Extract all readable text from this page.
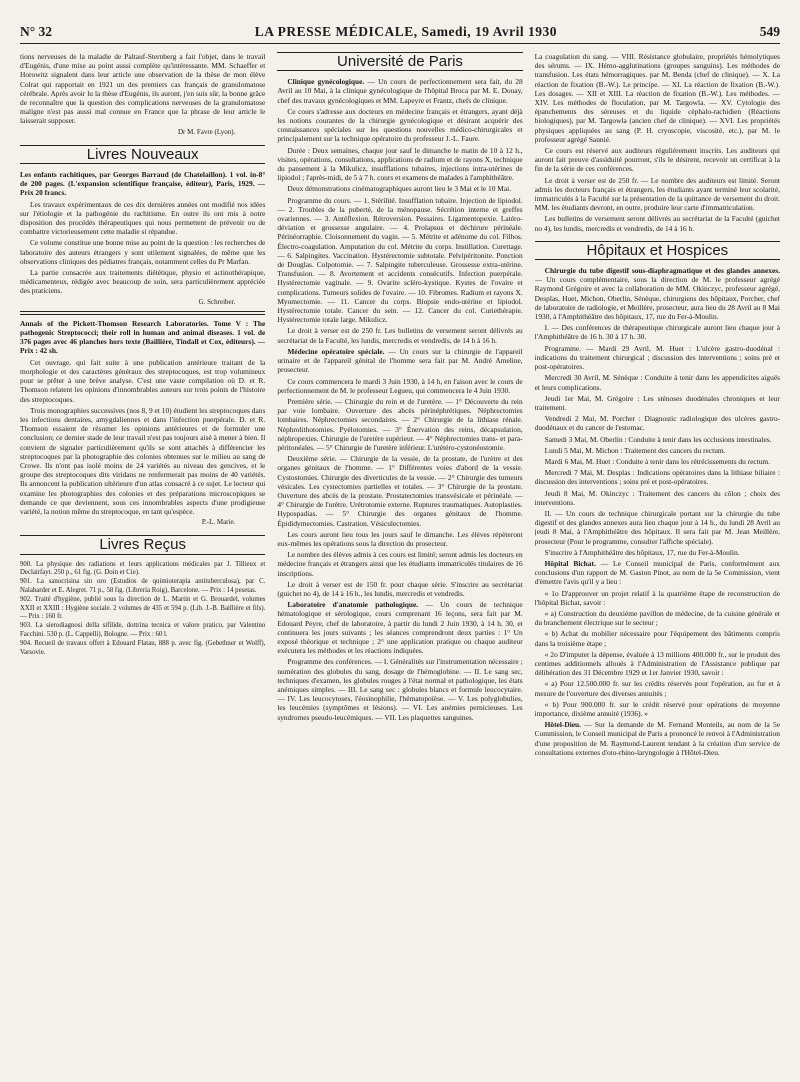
N° 32	LA PRESSE MÉDICALE, Samedi, 19 Avril 1930	549

tions nerveuses de la maladie de Paltauf-Sternberg a fait l'objet, dans le travail d'Eugénis, d'une mise au point aussi complète qu'intéressante. MM. Schaeffer et Horowitz signalent dans leur article une observation de la thèse de mon élève Colrat qui rapportait en 1921 un des premiers cas français de granulomatose cérébrale. Après avoir lu la thèse d'Eugénis, ils auront, j'en suis sûr, la bonne grâce de reconnaître que la question des complications nerveuses de la granulomatose maligne n'est pas aussi mal connue en France que la phrase de leur article le laisserait supposer.

Dr M. Favre (Lyon).
Livres Nouveaux

Les enfants rachitiques, par Georges Barraud (de Chatelaillon). 1 vol. in-8° de 200 pages. (L'expansion scientifique française, éditeur), Paris, 1929. — Prix 20 francs.

Les travaux expérimentaux de ces dix dernières années ont modifié nos idées sur l'étiologie et la pathogénie du rachitisme. En outre ils ont mis à notre disposition des procédés thérapeutiques qui nous permettent de prévenir ou de combattre victorieusement cette maladie si répandue.

Ce volume constitue une bonne mise au point de la question : les recherches de laboratoire des auteurs étrangers y sont utilement signalées, de même que les observations cliniques des pédiatres français, notamment celles du Pr Marfan.

La partie consacrée aux traitements diététique, physio et actinothérapique, médicamenteux, rédigée avec beaucoup de soin, sera particulièrement appréciée des praticiens.

G. Schreiber.

Annals of the Pickett-Thomson Research Laboratories. Tome V : The pathogenic Streptococci; their roll in human and animal diseases. 1 vol. de 376 pages avec 46 planches hors texte (Baillière, Tindall et Cox, éditeurs). — Prix : 42 sh.

Cet ouvrage, qui fait suite à une publication antérieure traitant de la morphologie et des caractères généraux des streptocoques, est trop volumineux pour se prêter à une brève analyse. C'est une vaste compilation où D. et R. Thomson relatent les opinions d'innombrables auteurs sur trois points de l'histoire des streptocoques.

Trois monographies successives (nos 8, 9 et 10) étudient les streptocoques dans les infections dentaires, amygdaliennes et dans l'infection puerpérale. D. et R. Thomson essaient de résumer les opinions antérieures et de formuler une conclusion; ce dernier stade de leur travail n'est pas toujours aisé à mener à bien. Il convient de signaler particulièrement qu'ils se sont attachés à différencier les streptocoques par la photographie des colonies obtenues sur le milieu au sang de Crowe. Ils n'ont pas isolé moins de 24 variétés au niveau des gencives, et le groupe des streptocoques dits viridans ne renfermerait pas moins de 40 variétés. Ils annoncent la publication ultérieure d'un atlas consacré à ce sujet. Le lecteur qui examine les photographies des colonies et des préparations microscopiques se demande ce que deviennent, sous ces innombrables aspects d'une prodigieuse variété, la notion même du streptocoque, en tant qu'espèce.

P.-L. Marie.
Livres Reçus

900. La physique des radiations et leurs applications médicales par J. Tillieux et Declairfayt. 250 p., 61 fig. (G. Doin et Cie).

901. La sanocrisina sin oro (Estudios de quimioterapia antituberculosa), par C. Nalabarder et E. Alegret. 71 p., 58 fig. (Librería Roig), Barcelone. — Prix : 14 pesetas.

902. Traité d'hygiène, publié sous la direction de L. Martin et G. Brouardel, volumes XXII et XXIII : Hygiène sociale. 2 volumes de 435 et 594 p. (Lib. J.-B. Baillière et fils). — Prix : 160 fr.

903. La sierodiagnosi della sifilide, dottrina tecnica et valore pratico, par Valentino Facchini. 530 p. (L. Cappelli), Bologne. — Prix : 60 l.

904. Recueil de travaux offert à Edouard Flatau, 888 p. avec fig. (Gebethner et Wolff), Varsovie.

Université de Paris

Clinique gynécologique. — Un cours de perfectionnement sera fait, du 28 Avril au 10 Mai, à la clinique gynécologique de l'hôpital Broca par M. E. Douay, chef des travaux gynécologiques et MM. Lapeyre et Frantz, chefs de clinique.

Ce cours s'adresse aux docteurs en médecine français et étrangers, ayant déjà les notions courantes de la chirurgie gynécologique et désirant acquérir des connaissances spéciales sur les questions nouvelles médico-chirurgicales et principalement sur la technique opératoire du professeur J.-L. Faure.

Durée : Deux semaines, chaque jour sauf le dimanche le matin de 10 à 12 h., visites, opérations, consultations, applications de radium et de rayons X, technique du pansement à la Mikulicz, insufflations tubaires, injections intra-utérines de lipiodol ; l'après-midi, de 5 à 7 h. cours et examens de malades à l'amphithéâtre.

Deux démonstrations cinématographiques auront lieu le 3 Mai et le 10 Mai.

Programme du cours. — 1. Stérilité. Insufflation tubaire. Injection de lipiodol. — 2. Troubles de la puberté, de la ménopause. Sécrétion interne et greffes ovariennes. — 3. Antéflexion. Rétroversion. Pessaires. Ligamentopexie. Latéro-déviation et grossesse angulaire. — 4. Prolapsus et déchirure périnéale. Périnéorraphie. Cloisonnement du vagin. — 5. Métrite et adénome du col. Filhos. Électro-coagulation. Amputation du col. Métrite du corps. Instillation. Curettage. — 6. Salpingites. Vaccination. Hystérectomie subtotale. Pelvipéritonite. Ponction de Douglas. Colpotomie. — 7. Salpingite tuberculeuse. Grossesse extra-utérine. Transfusion. — 8. Avortement et accidents consécutifs. Infection puerpérale. Hystérectomie vaginale. — 9. Ovarite scléro-kystique. Kystes de l'ovaire et complications. Tumeurs solides de l'ovaire. — 10. Fibromes. Radium et rayons X. Myomectomie. — 11. Cancer du corps. Biopsie endo-utérine et lipiodol. Hystérectomie totale. Cancer du sein. — 12. Cancer du col. Curiethérapie. Hystérectomie totale large. Mikulicz.

Le droit à verser est de 250 fr. Les bulletins de versement seront délivrés au secrétariat de la Faculté, les lundis, mercredis et vendredis, de 14 h à 16 h.

Médecine opératoire spéciale. — Un cours sur la chirurgie de l'appareil urinaire et de l'appareil génital de l'homme sera fait par M. André Ameline, prosecteur.

Ce cours commencera le mardi 3 Juin 1930, à 14 h, en l'aison avec le cours de perfectionnement de M. le professeur Legueu, qui commencera le 4 Juin 1930.

Première série. — Chirurgie du rein et de l'uretère. — 1° Découverte du rein par voie lombaire. Ouverture des abcès périnéphrétiques. Néphrectomies lombaires. Néphrectomies secondaires. — 2° Chirurgie de la lithiase rénale. Néphrolithotomies. Pyélotomies. — 3° Énervation des reins, décapsulation, néphropexies. Chirurgie de l'uretère supérieur. — 4° Néphrectomies trans- et para-péritonéales. — 5° Chirurgie de l'uretère inférieur. L'urétéro-cystonéostomie.

Deuxième série. — Chirurgie de la vessie, de la prostate, de l'urètre et des organes génitaux de l'homme. — 1° Différentes voies d'abord de la vessie. Cystostomies. Chirurgie des diverticules de la vessie. — 2° Chirurgie des tumeurs vésicales. Les cystectomies partielles et totales. — 3° Chirurgie de la prostate. Ouverture des abcès de la prostate. Prostatectomies transvésicale et périnéale. — 4° Chirurgie de l'urètre. Urétrotomie externe. Ruptures traumatiques. Autoplasties. Hypospadias. — 5° Chirurgie des organes génitaux de l'homme. Épididymectomies. Castration. Vésiculectomies.

Les cours auront lieu tous les jours sauf le dimanche. Les élèves répèteront eux-mêmes les opérations sous la direction du prosecteur.

Le nombre des élèves admis à ces cours est limité; seront admis les docteurs en médecine français et étrangers ainsi que les étudiants immatriculés titulaires de 16 inscriptions.

Le droit à verser est de 150 fr. pour chaque série. S'inscrire au secrétariat (guichet no 4), de 14 à 16 h., les lundis, mercredis et vendredis.

Laboratoire d'anatomie pathologique. — Un cours de technique hématologique et sérologique, cours comprenant 16 leçons, sera fait par M. Edouard Peyre, chef de laboratoire, à partir du lundi 2 Juin 1930, à 14 h. 30, et continuera les jours suivants ; les séances comprendront deux parties : 1° Un exposé théorique et technique ; 2° une application pratique ou chaque auditeur exécutera les méthodes et les réactions indiquées.

Programme des conférences. — I. Généralités sur l'instrumentation nécessaire ; numération des globules du sang, dosage de l'hémoglobine. — II. Le sang sec, techniques d'examen, les globules rouges à l'état normal et pathologique, les états anémiques simples. — III. Le sang sec : globules blancs et formule leucocytaire. — IV. Les leucocytoses, l'éosinophilie, l'hématopoïèse. — V. Les polyglobulies, les leucémies (symptômes et lésions). — VI. Les anémies pernicieuses. Les syndromes pseudo-leucémiques. — VII. Les plaquettes sanguines.

La coagulation du sang. — VIII. Résistance globulaire, propriétés hémolytiques des sérums. — IX. Hémo-agglutinations (groupes sanguins). Les méthodes de transfusion. Les états hémorragiques. par M. Benda (chef de clinique). — X. La réaction de fixation (B.-W.). Le principe. — XI. La réaction de fixation (B.-W.). Les dosages. — XII et XIII. La réaction de fixation (B.-W.). Les méthodes. — XIV. Les méthodes de floculation, par M. Targowla. — XV. Cytologie des épanchements des séreuses et du liquide céphalo-rachidien (Réactions biologiques), par M. Targowla (ancien chef de clinique). — XVI. Les propriétés physiques appliquées au sang (P. H. cryoscopie, viscosité, etc.), par M. le professeur agrégé Sannié.

Ce cours est réservé aux auditeurs régulièrement inscrits. Les auditeurs qui auront fait preuve d'assiduité pourront, s'ils le désirent, recevoir un certificat à la fin de la série de ces conférences.

Le droit à verser est de 250 fr. — Le nombre des auditeurs est limité. Seront admis les docteurs français et étrangers, les étudiants ayant terminé leur scolarité, immatriculés à la Faculté sur la présentation de la quittance de versement du droit. MM. les étudiants devront, en outre, produire leur carte d'immatriculation.

Les bulletins de versement seront délivrés au secrétariat de la Faculté (guichet no 4), les lundis, mercredis et vendredis, de 14 à 16 h.

Hôpitaux et Hospices

Chirurgie du tube digestif sous-diaphragmatique et des glandes annexes. — Un cours complémentaire, sous la direction de M. le professeur agrégé Raymond Grégoire et avec la collaboration de MM. Okinczyc, professeur agrégé, Desplas, Huet, Michon, Oberlin, Sénèque, chirurgiens des hôpitaux, Porcher, chef de laboratoire de radiologie, et Meillère, prosecteur, aura lieu du 28 Avril au 8 Mai 1930, à l'Amphithéâtre des hôpitaux, 17, rue du Fer-à-Moulin.

I. — Des conférences de thérapeutique chirurgicale auront lieu chaque jour à l'Amphithéâtre de 16 h. 30 à 17 h. 30.

Programme. — Mardi 29 Avril, M. Huet : L'ulcère gastro-duodénal : indications du traitement chirurgical ; discussion des interventions ; soins pré et post-opératoires.

Mercredi 30 Avril, M. Sénèque : Conduite à tenir dans les appendicites aiguës et leurs complications.

Jeudi 1er Mai, M. Grégoire : Les sténoses duodénales chroniques et leur traitement.

Vendredi 2 Mai, M. Porcher : Diagnostic radiologique des ulcères gastro-duodénaux et du cancer de l'estomac.

Samedi 3 Mai, M. Oberlin : Conduite à tenir dans les occlusions intestinales.

Lundi 5 Mai, M. Michon : Traitement des cancers du rectum.

Mardi 6 Mai, M. Huet : Conduite à tenir dans les rétrécissements du rectum.

Mercredi 7 Mai, M. Desplas : Indications opératoires dans la lithiase biliaire : discussion des interventions ; soins pré et post-opératoires.

Jeudi 8 Mai, M. Okinczyc : Traitement des cancers du côlon ; choix des interventions.

II. — Un cours de technique chirurgicale portant sur la chirurgie du tube digestif et des glandes annexes aura lieu chaque jour à 14 h., du lundi 28 Avril au jeudi 8 Mai, à l'Amphithéâtre des hôpitaux. Il sera fait par M. Jean Meillère, prosecteur (Pour le programme, consulter l'affiche spéciale).

S'inscrire à l'Amphithéâtre des hôpitaux, 17, rue du Fer-à-Moulin.

Hôpital Bichat. — Le Conseil municipal de Paris, conformément aux conclusions d'un rapport de M. Gaston Pinot, au nom de la 5e Commission, vient d'émettre l'avis qu'il y a lieu :

« 1o D'approuver un projet relatif à la quatrième étape de reconstruction de l'hôpital Bichat, savoir :

« a) Construction du deuxième pavillon de médecine, de la cuisine générale et du branchement électrique sur le secteur ;

« b) Achat du mobilier nécessaire pour l'équipement des bâtiments compris dans la troisième étape ;

« 2o D'imputer la dépense, évaluée à 13 millions 400.000 fr., sur le produit des centimes additionnels alloués à l'Administration de l'Assistance publique par délibération des 31 Décembre 1929 et 1er Janvier 1930, savoir :

« a) Pour 12.500.000 fr. sur les crédits réservés pour l'opération, au fur et à mesure de l'ouverture des diverses annuités ;

« b) Pour 900.000 fr. sur le crédit réservé pour opérations de moyenne importance, dixième annuité (1936). »

Hôtel-Dieu. — Sur la demande de M. Fernand Monteils, au nom de la 5e Commission, le Conseil municipal de Paris a prononcé le renvoi à l'Administration d'une proposition de M. Raymond-Laurent tendant à la création d'un service de consultations externes d'oto-rhino-laryngologie à l'Hôtel-Dieu.
